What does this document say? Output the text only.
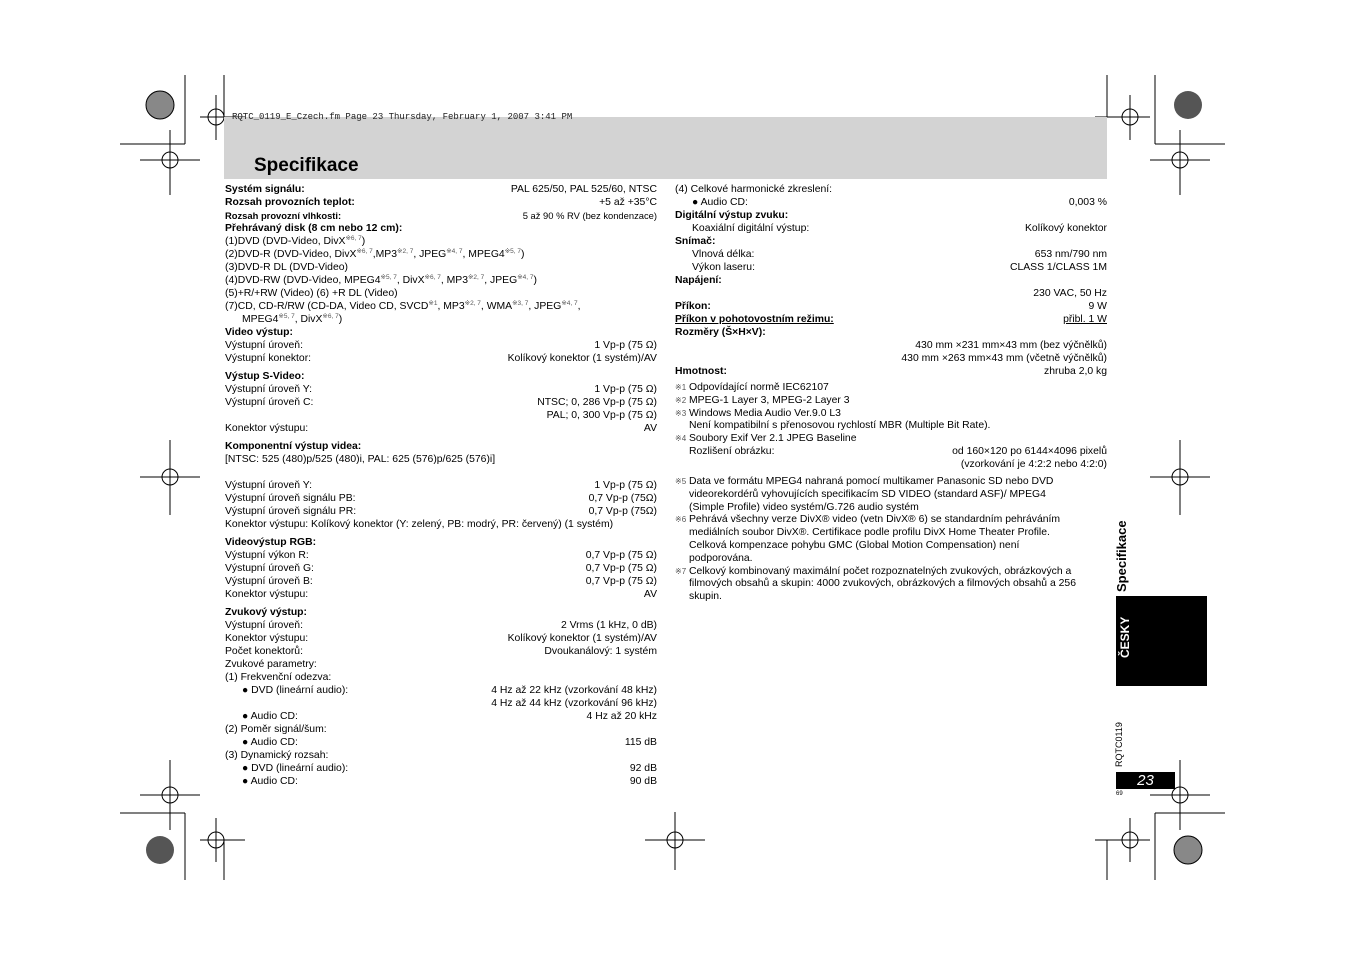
RQTC_0119_E_Czech.fm Page 23 Thursday, February 1, 2007 3:41 PM
Specifikace
Systém signálu:	PAL 625/50, PAL 525/60, NTSC
Rozsah provozních teplot:	+5 až +35°C
Rozsah provozní vlhkosti:	5 až 90 % RV (bez kondenzace)
Přehrávaný disk (8 cm nebo 12 cm):
(1)DVD (DVD-Video, DivX$^{※6, 7}$)
(2)DVD-R (DVD-Video, DivX$^{※6, 7}$,MP3$^{※2, 7}$, JPEG$^{※4, 7}$, MPEG4$^{※5, 7}$)
(3)DVD-R DL (DVD-Video)
(4)DVD-RW (DVD-Video, MPEG4$^{※5, 7}$, DivX$^{※6, 7}$, MP3$^{※2, 7}$, JPEG$^{※4, 7}$)
(5)+R/+RW (Video) (6) +R DL (Video)
(7)CD, CD-R/RW (CD-DA, Video CD, SVCD$^{※1}$, MP3$^{※2, 7}$, WMA$^{※3, 7}$, JPEG$^{※4, 7}$,
MPEG4$^{※5, 7}$, DivX$^{※6, 7}$)
Video výstup:
Výstupní úroveň:	1 Vp-p (75 Ω)
Výstupní konektor:	Kolíkový konektor (1 systém)/AV
Výstup S-Video:
Výstupní úroveň Y:	1 Vp-p (75 Ω)
Výstupní úroveň C:	NTSC; 0, 286 Vp-p (75 Ω)
PAL; 0, 300 Vp-p (75 Ω)
Konektor výstupu:	AV
Komponentní výstup videa:
[NTSC: 525 (480)p/525 (480)i, PAL: 625 (576)p/625 (576)i]
Výstupní úroveň Y:	1 Vp-p (75 Ω)
Výstupní úroveň signálu PB:	0,7 Vp-p (75Ω)
Výstupní úroveň signálu PR:	0,7 Vp-p (75Ω)
Konektor výstupu: Kolíkový konektor (Y: zelený, PB: modrý, PR: červený) (1 systém)
Videovýstup RGB:
Výstupní výkon R:	0,7 Vp-p (75 Ω)
Výstupní úroveň G:	0,7 Vp-p (75 Ω)
Výstupní úroveň B:	0,7 Vp-p (75 Ω)
Konektor výstupu:	AV
Zvukový výstup:
Výstupní úroveň:	2 Vrms (1 kHz, 0 dB)
Konektor výstupu:	Kolíkový konektor (1 systém)/AV
Počet konektorů:	Dvoukanálový: 1 systém
Zvukové parametry:
(1) Frekvenční odezva:
● DVD (lineární audio):	4 Hz až 22 kHz (vzorkování 48 kHz)
4 Hz až 44 kHz (vzorkování 96 kHz)
● Audio CD:	4 Hz až 20 kHz
(2) Poměr signál/šum:
● Audio CD:	115 dB
(3) Dynamický rozsah:
● DVD (lineární audio):	92 dB
● Audio CD:	90 dB
(4) Celkové harmonické zkreslení:
● Audio CD:	0,003 %
Digitální výstup zvuku:
Koaxiální digitální výstup:	Kolíkový konektor
Snímač:
Vlnová délka:	653 nm/790 nm
Výkon laseru:	CLASS 1/CLASS 1M
Napájení:
230 VAC, 50 Hz
Příkon:	9 W
Příkon v pohotovostním režimu:	přibl. 1 W
Rozměry (Š×H×V):
430 mm ×231 mm×43 mm (bez výčnělků)
430 mm ×263 mm×43 mm (včetně výčnělků)
Hmotnost:	zhruba 2,0 kg
※1 Odpovídající normě IEC62107
※2 MPEG-1 Layer 3, MPEG-2 Layer 3
※3 Windows Media Audio Ver.9.0 L3
Není kompatibilní s přenosovou rychlostí MBR (Multiple Bit Rate).
※4 Soubory Exif Ver 2.1 JPEG Baseline
Rozlišení obrázku:	od 160×120 po 6144×4096 pixelů
(vzorkování je 4:2:2 nebo 4:2:0)
※5 Data ve formátu MPEG4 nahraná pomocí multikamer Panasonic SD nebo DVD
videorekordérů vyhovujících specifikacím SD VIDEO (standard ASF)/ MPEG4
(Simple Profile) video systém/G.726 audio systém
※6 Pehrává všechny verze DivX® video (vetn DivX® 6) se standardním pehráváním
mediálních soubor DivX®. Certifikace podle profilu DivX Home Theater Profile.
Celková kompenzace pohybu GMC (Global Motion Compensation) není
podporována.
※7 Celkový kombinovaný maximální počet rozpoznatelných zvukových, obrázkových a
filmových obsahů a skupin: 4000 zvukových, obrázkových a filmových obsahů a 256
skupin.
Specifikace
ČESKY
RQTC0119
23
69
